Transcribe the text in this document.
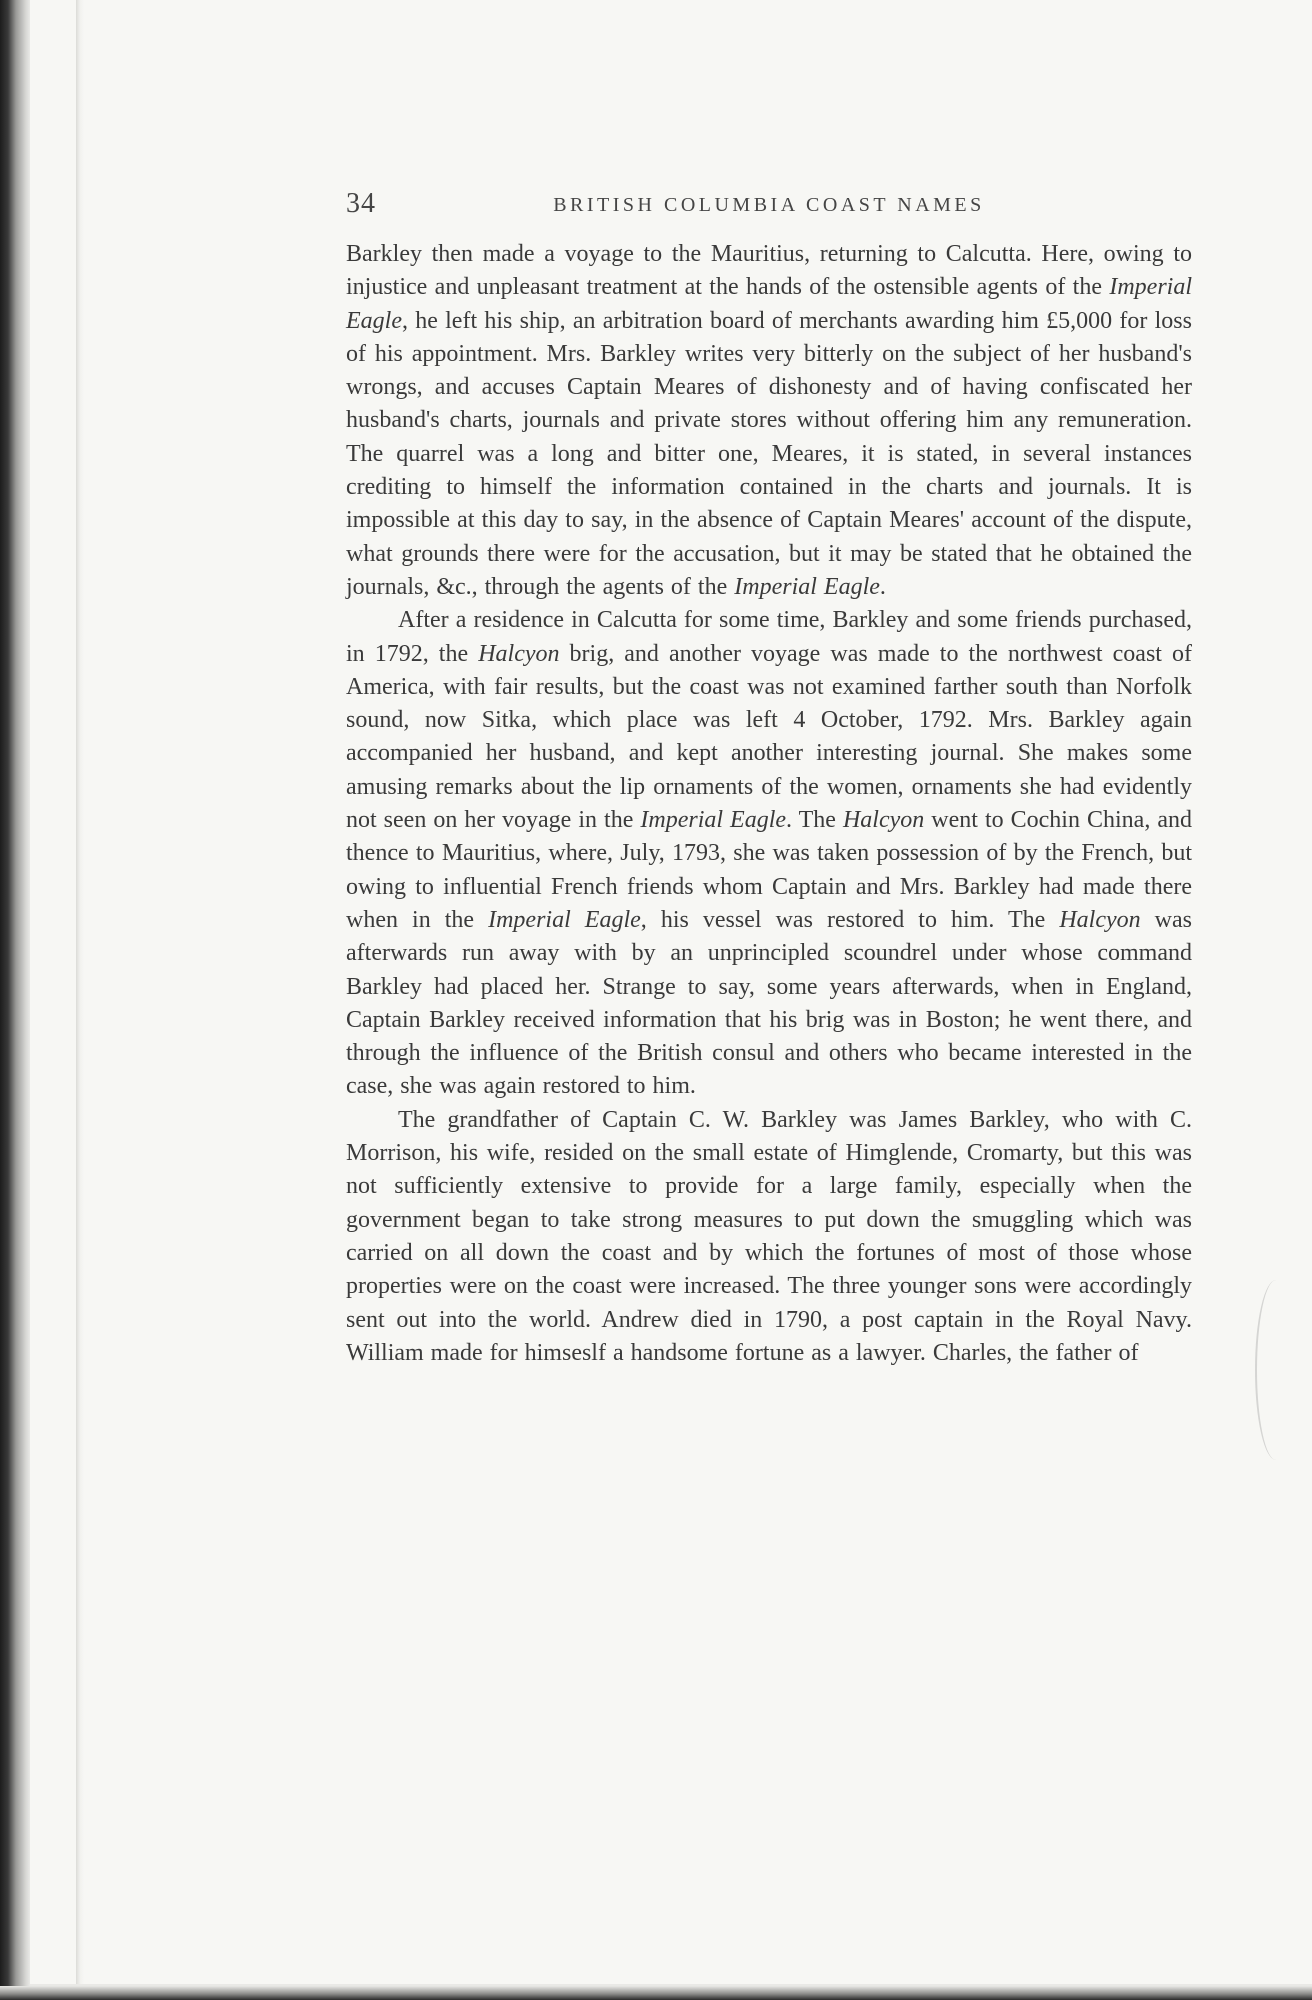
34	BRITISH COLUMBIA COAST NAMES

Barkley then made a voyage to the Mauritius, returning to Calcutta. Here, owing to injustice and unpleasant treatment at the hands of the ostensible agents of the Imperial Eagle, he left his ship, an arbitration board of merchants awarding him £5,000 for loss of his appointment. Mrs. Barkley writes very bitterly on the subject of her husband's wrongs, and accuses Captain Meares of dishonesty and of having confiscated her husband's charts, journals and private stores without offering him any remuneration. The quarrel was a long and bitter one, Meares, it is stated, in several instances crediting to himself the information contained in the charts and journals. It is impossible at this day to say, in the absence of Captain Meares' account of the dispute, what grounds there were for the accusation, but it may be stated that he obtained the journals, &c., through the agents of the Imperial Eagle.

After a residence in Calcutta for some time, Barkley and some friends purchased, in 1792, the Halcyon brig, and another voyage was made to the northwest coast of America, with fair results, but the coast was not examined farther south than Norfolk sound, now Sitka, which place was left 4 October, 1792. Mrs. Barkley again accompanied her husband, and kept another interesting journal. She makes some amusing remarks about the lip ornaments of the women, ornaments she had evidently not seen on her voyage in the Imperial Eagle. The Halcyon went to Cochin China, and thence to Mauritius, where, July, 1793, she was taken possession of by the French, but owing to influential French friends whom Captain and Mrs. Barkley had made there when in the Imperial Eagle, his vessel was restored to him. The Halcyon was afterwards run away with by an unprincipled scoundrel under whose command Barkley had placed her. Strange to say, some years afterwards, when in England, Captain Barkley received information that his brig was in Boston; he went there, and through the influence of the British consul and others who became interested in the case, she was again restored to him.

The grandfather of Captain C. W. Barkley was James Barkley, who with C. Morrison, his wife, resided on the small estate of Himglende, Cromarty, but this was not sufficiently extensive to provide for a large family, especially when the government began to take strong measures to put down the smuggling which was carried on all down the coast and by which the fortunes of most of those whose properties were on the coast were increased. The three younger sons were accordingly sent out into the world. Andrew died in 1790, a post captain in the Royal Navy. William made for himseslf a handsome fortune as a lawyer. Charles, the father of
